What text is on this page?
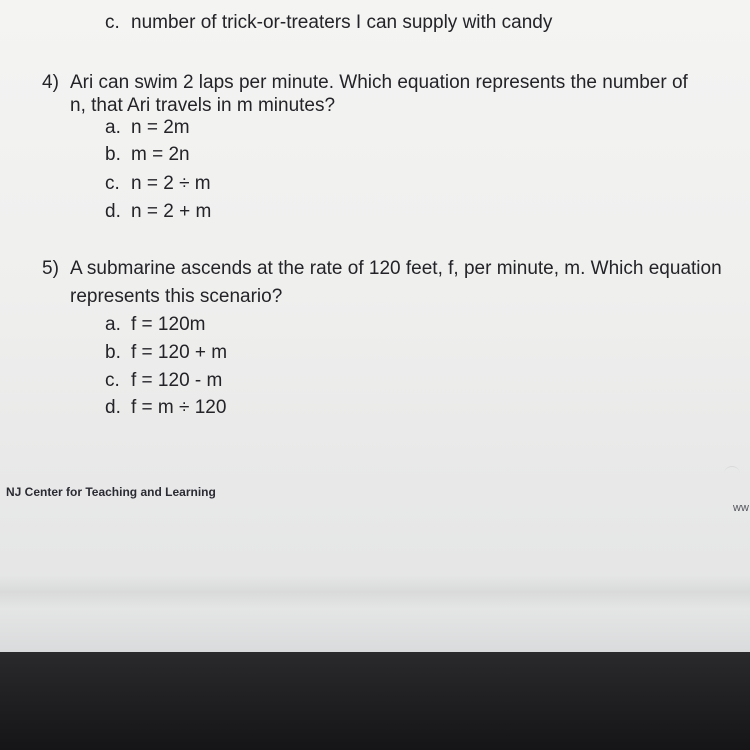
c. number of trick-or-treaters I can supply with candy
4) Ari can swim 2 laps per minute. Which equation represents the number of
n, that Ari travels in m minutes?
a. n = 2m
b. m = 2n
c. n = 2 ÷ m
d. n = 2 + m
5) A submarine ascends at the rate of 120 feet, f, per minute, m. Which equation
represents this scenario?
a. f = 120m
b. f = 120 + m
c. f = 120 - m
d. f = m ÷ 120
NJ Center for Teaching and Learning
ww
